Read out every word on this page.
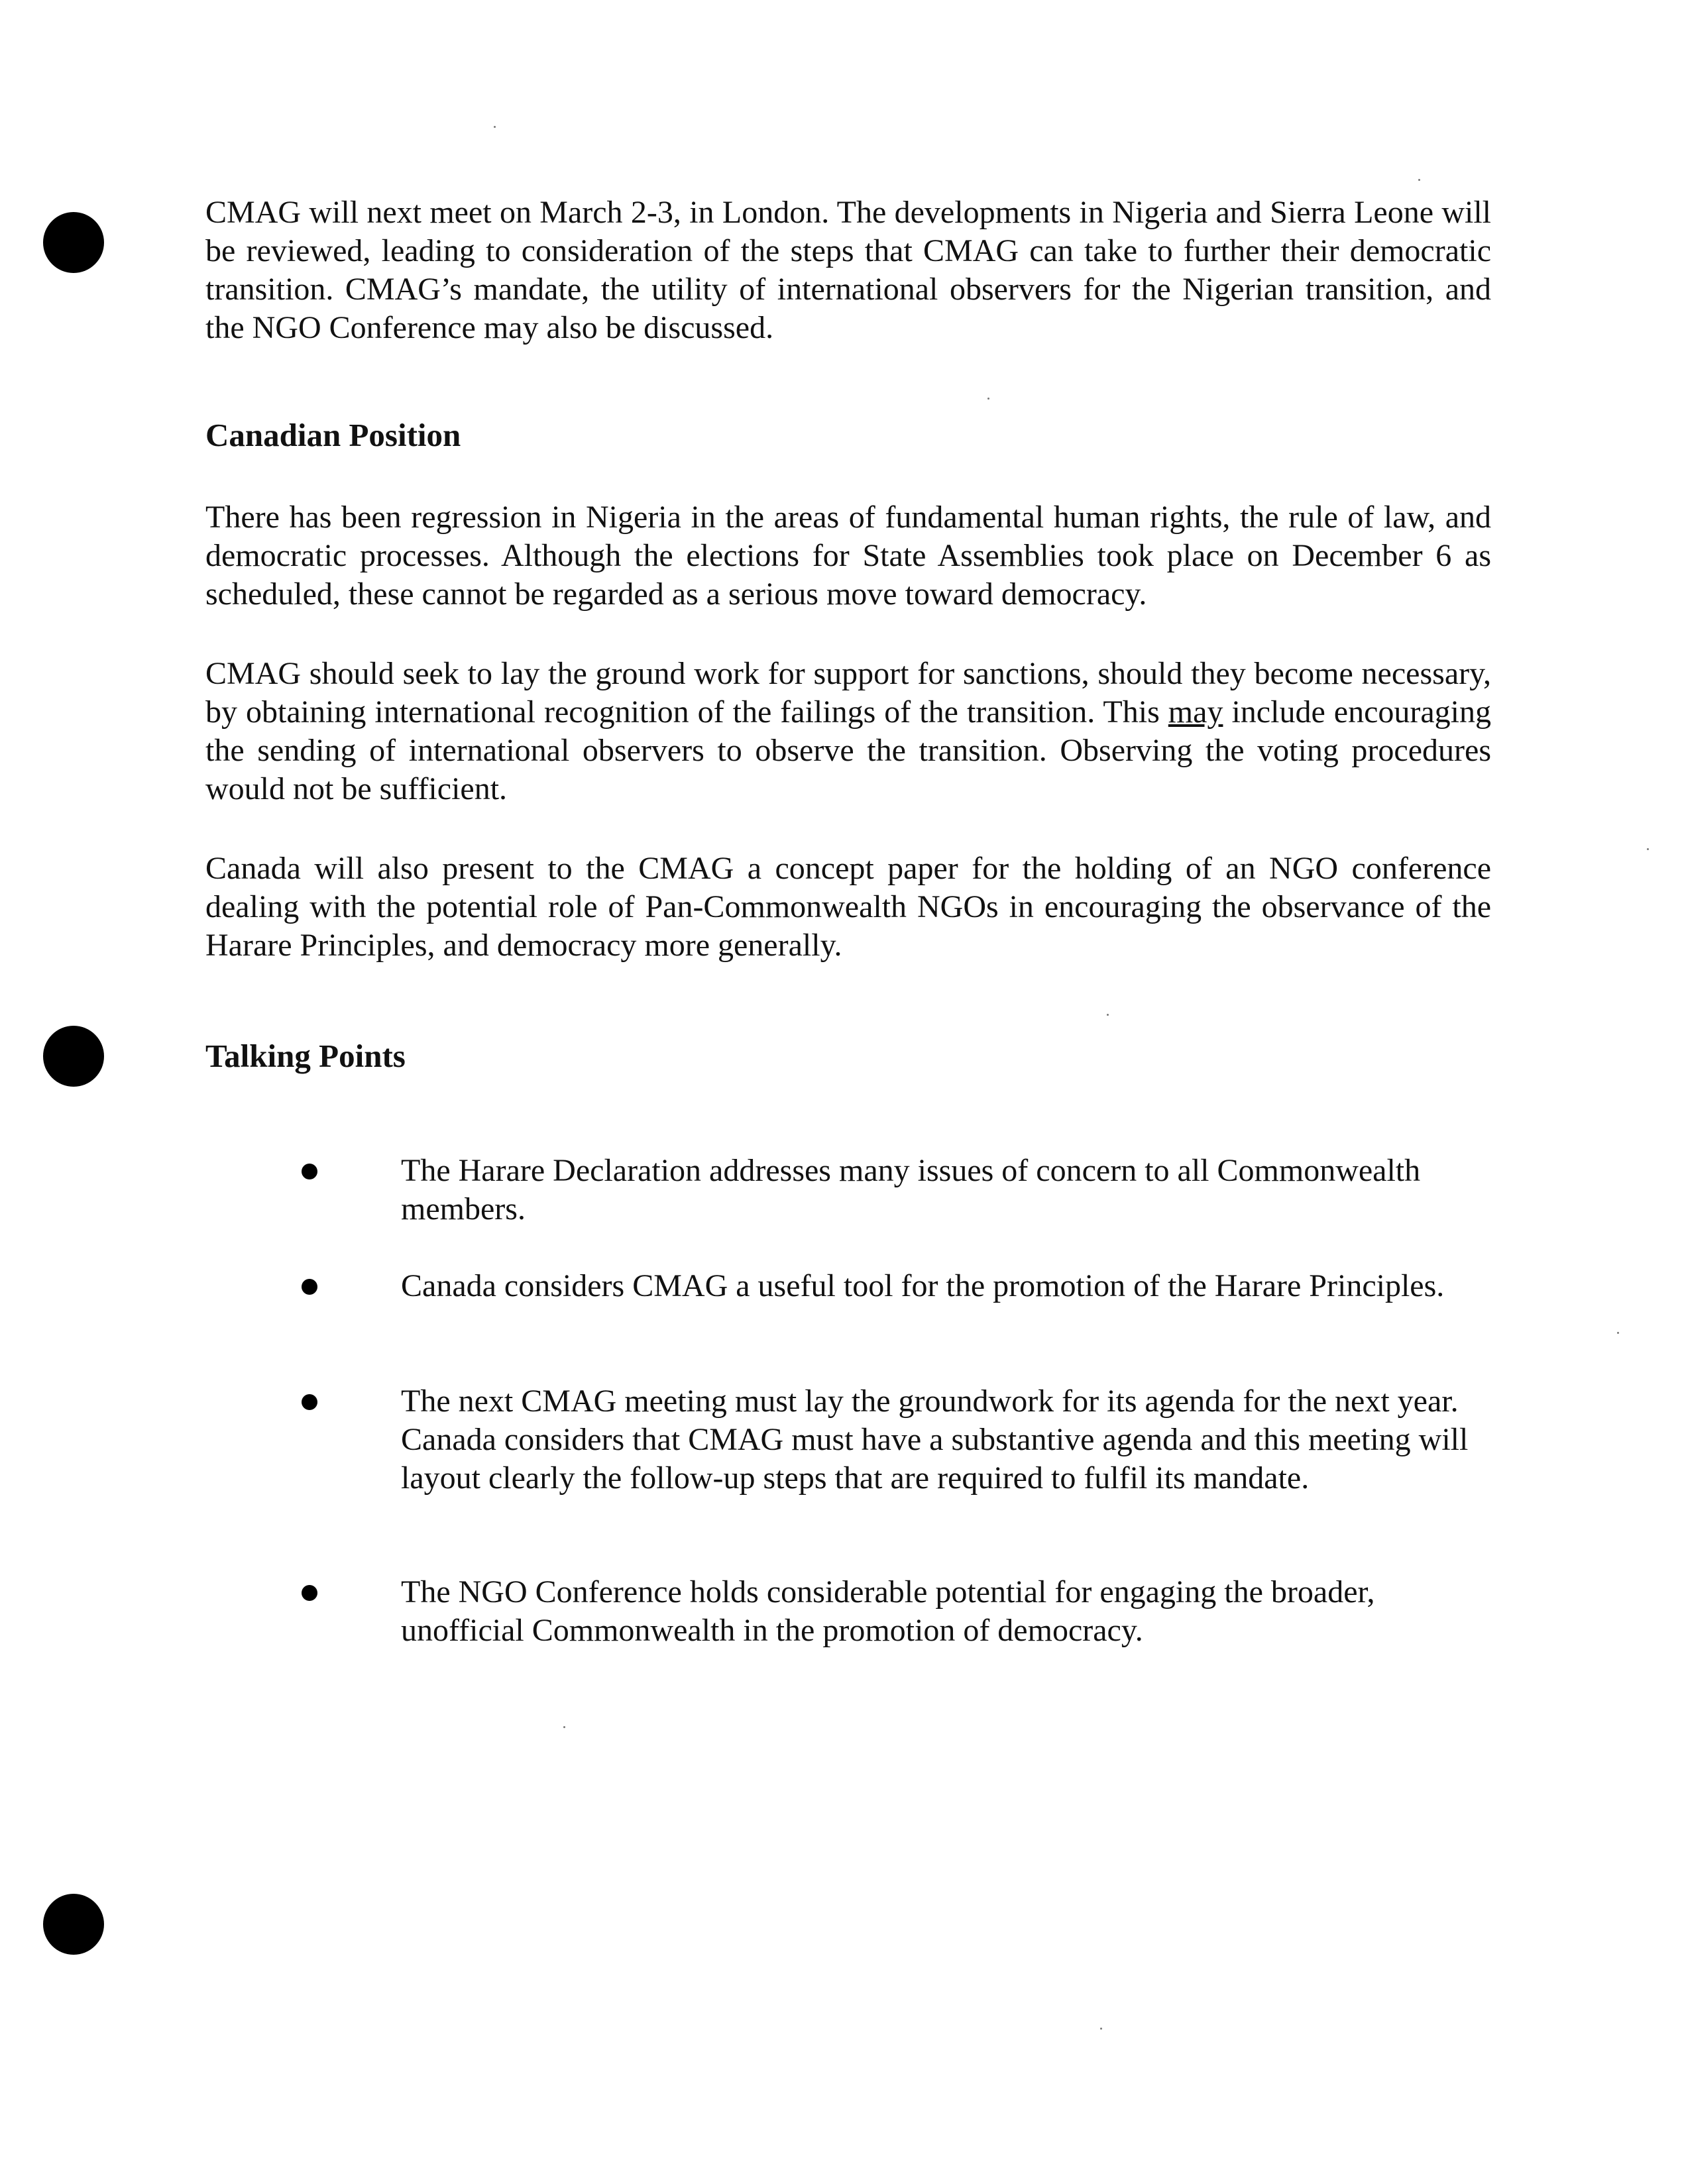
CMAG will next meet on March 2-3, in London. The developments in Nigeria and Sierra Leone will be reviewed, leading to consideration of the steps that CMAG can take to further their democratic transition. CMAG’s mandate, the utility of international observers for the Nigerian transition, and the NGO Conference may also be discussed.

Canadian Position

There has been regression in Nigeria in the areas of fundamental human rights, the rule of law, and democratic processes. Although the elections for State Assemblies took place on December 6 as scheduled, these cannot be regarded as a serious move toward democracy.

CMAG should seek to lay the ground work for support for sanctions, should they become necessary, by obtaining international recognition of the failings of the transition. This may include encouraging the sending of international observers to observe the transition. Observing the voting procedures would not be sufficient.

Canada will also present to the CMAG a concept paper for the holding of an NGO conference dealing with the potential role of Pan-Commonwealth NGOs in encouraging the observance of the Harare Principles, and democracy more generally.

Talking Points

The Harare Declaration addresses many issues of concern to all Commonwealth members.

Canada considers CMAG a useful tool for the promotion of the Harare Principles.

The next CMAG meeting must lay the groundwork for its agenda for the next year. Canada considers that CMAG must have a substantive agenda and this meeting will layout clearly the follow-up steps that are required to fulfil its mandate.

The NGO Conference holds considerable potential for engaging the broader, unofficial Commonwealth in the promotion of democracy.
